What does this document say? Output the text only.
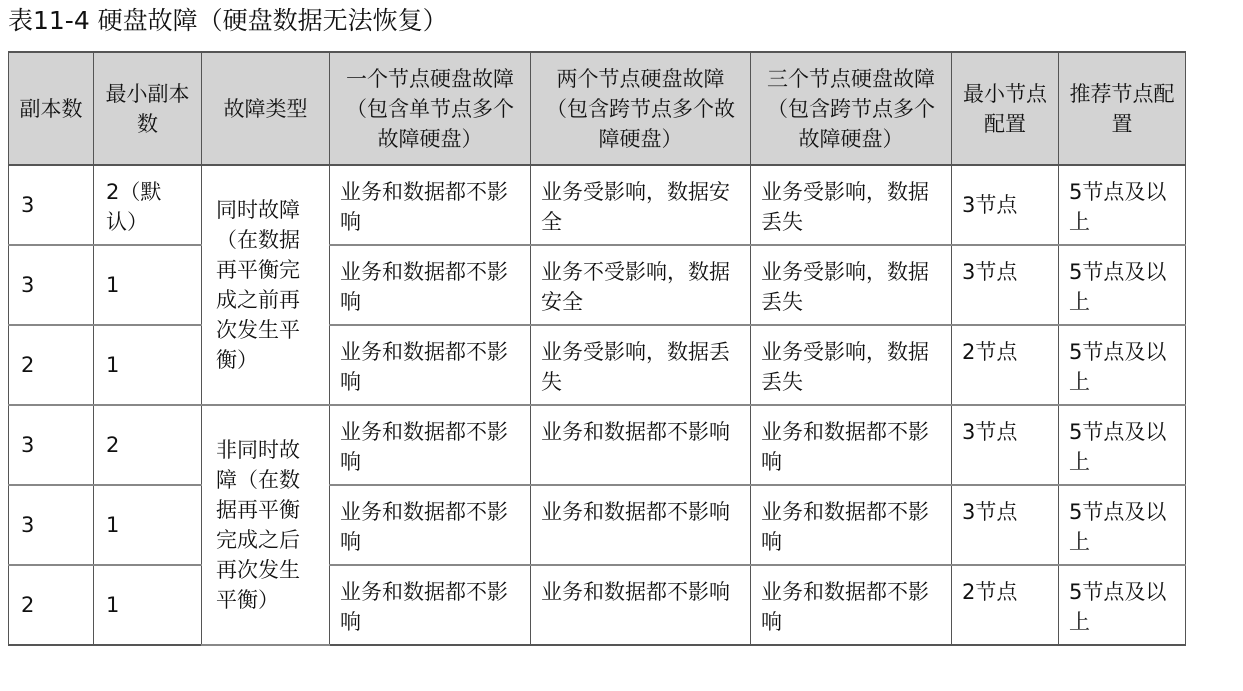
表11-4 硬盘故障（硬盘数据无法恢复）
副本数	最小副本数	故障类型	一个节点硬盘故障（包含单节点多个故障硬盘）	两个节点硬盘故障（包含跨节点多个故障硬盘）	三个节点硬盘故障（包含跨节点多个故障硬盘）	最小节点配置	推荐节点配置
3	2（默认）	同时故障（在数据再平衡完成之前再次发生平衡）	业务和数据都不影响	业务受影响，数据安全	业务受影响，数据丢失	3节点	5节点及以上
3	1		业务和数据都不影响	业务不受影响，数据安全	业务受影响，数据丢失	3节点	5节点及以上
2	1		业务和数据都不影响	业务受影响，数据丢失	业务受影响，数据丢失	2节点	5节点及以上
3	2	非同时故障（在数据再平衡完成之后再次发生平衡）	业务和数据都不影响	业务和数据都不影响	业务和数据都不影响	3节点	5节点及以上
3	1		业务和数据都不影响	业务和数据都不影响	业务和数据都不影响	3节点	5节点及以上
2	1		业务和数据都不影响	业务和数据都不影响	业务和数据都不影响	2节点	5节点及以上
